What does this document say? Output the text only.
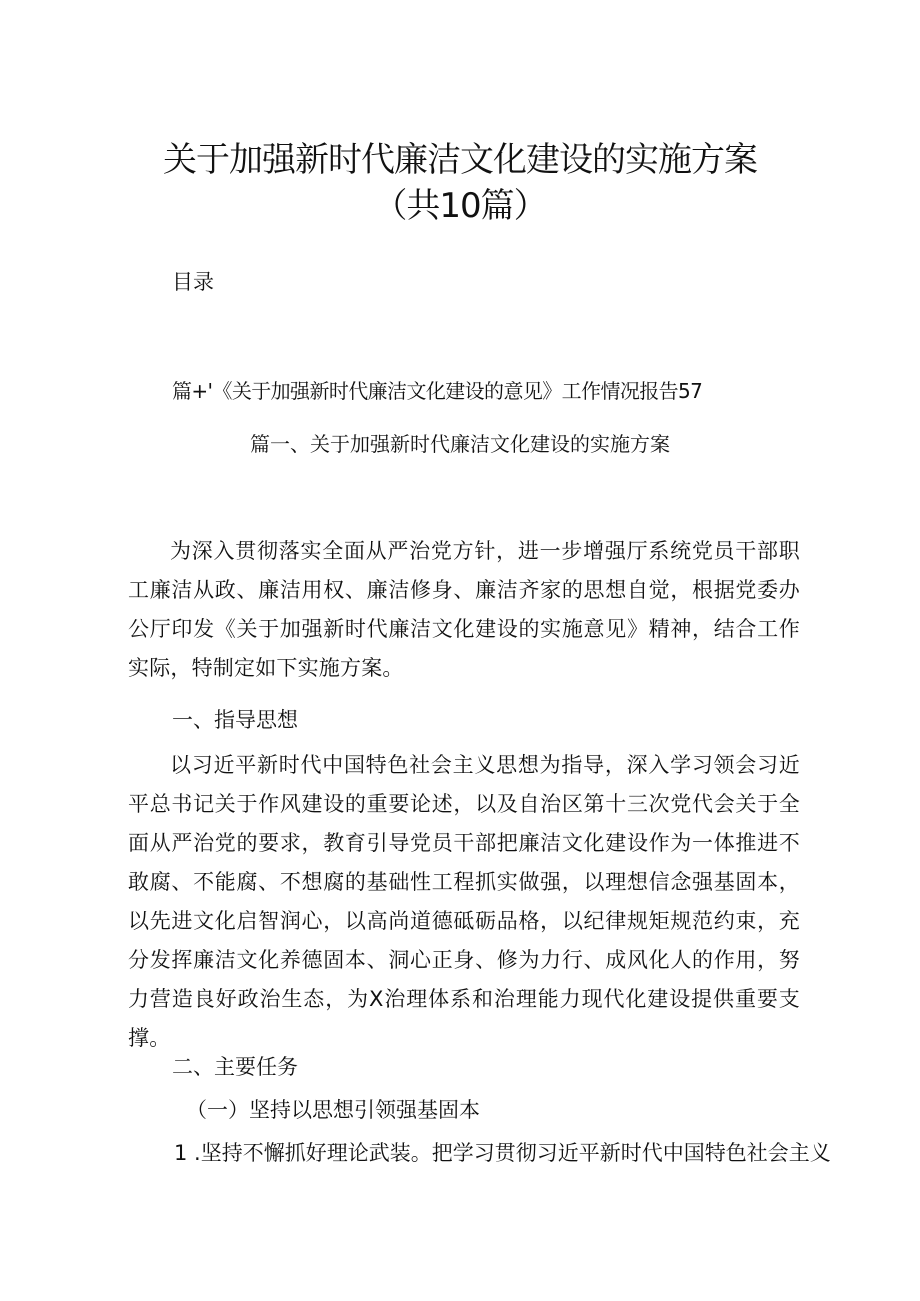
关于加强新时代廉洁文化建设的实施方案
（共10篇）
目录
篇+'《关于加强新时代廉洁文化建设的意见》工作情况报告57
篇一、关于加强新时代廉洁文化建设的实施方案

为深入贯彻落实全面从严治党方针，进一步增强厅系统党员干部职工廉洁从政、廉洁用权、廉洁修身、廉洁齐家的思想自觉，根据党委办公厅印发《关于加强新时代廉洁文化建设的实施意见》精神，结合工作实际，特制定如下实施方案。

一、指导思想

以习近平新时代中国特色社会主义思想为指导，深入学习领会习近平总书记关于作风建设的重要论述，以及自治区第十三次党代会关于全面从严治党的要求，教育引导党员干部把廉洁文化建设作为一体推进不敢腐、不能腐、不想腐的基础性工程抓实做强，以理想信念强基固本，以先进文化启智润心，以高尚道德砥砺品格，以纪律规矩规范约束，充分发挥廉洁文化养德固本、洞心正身、修为力行、成风化人的作用，努力营造良好政治生态，为X治理体系和治理能力现代化建设提供重要支撑。

二、主要任务
（一）坚持以思想引领强基固本
1 .坚持不懈抓好理论武装。把学习贯彻习近平新时代中国特色社会主义
